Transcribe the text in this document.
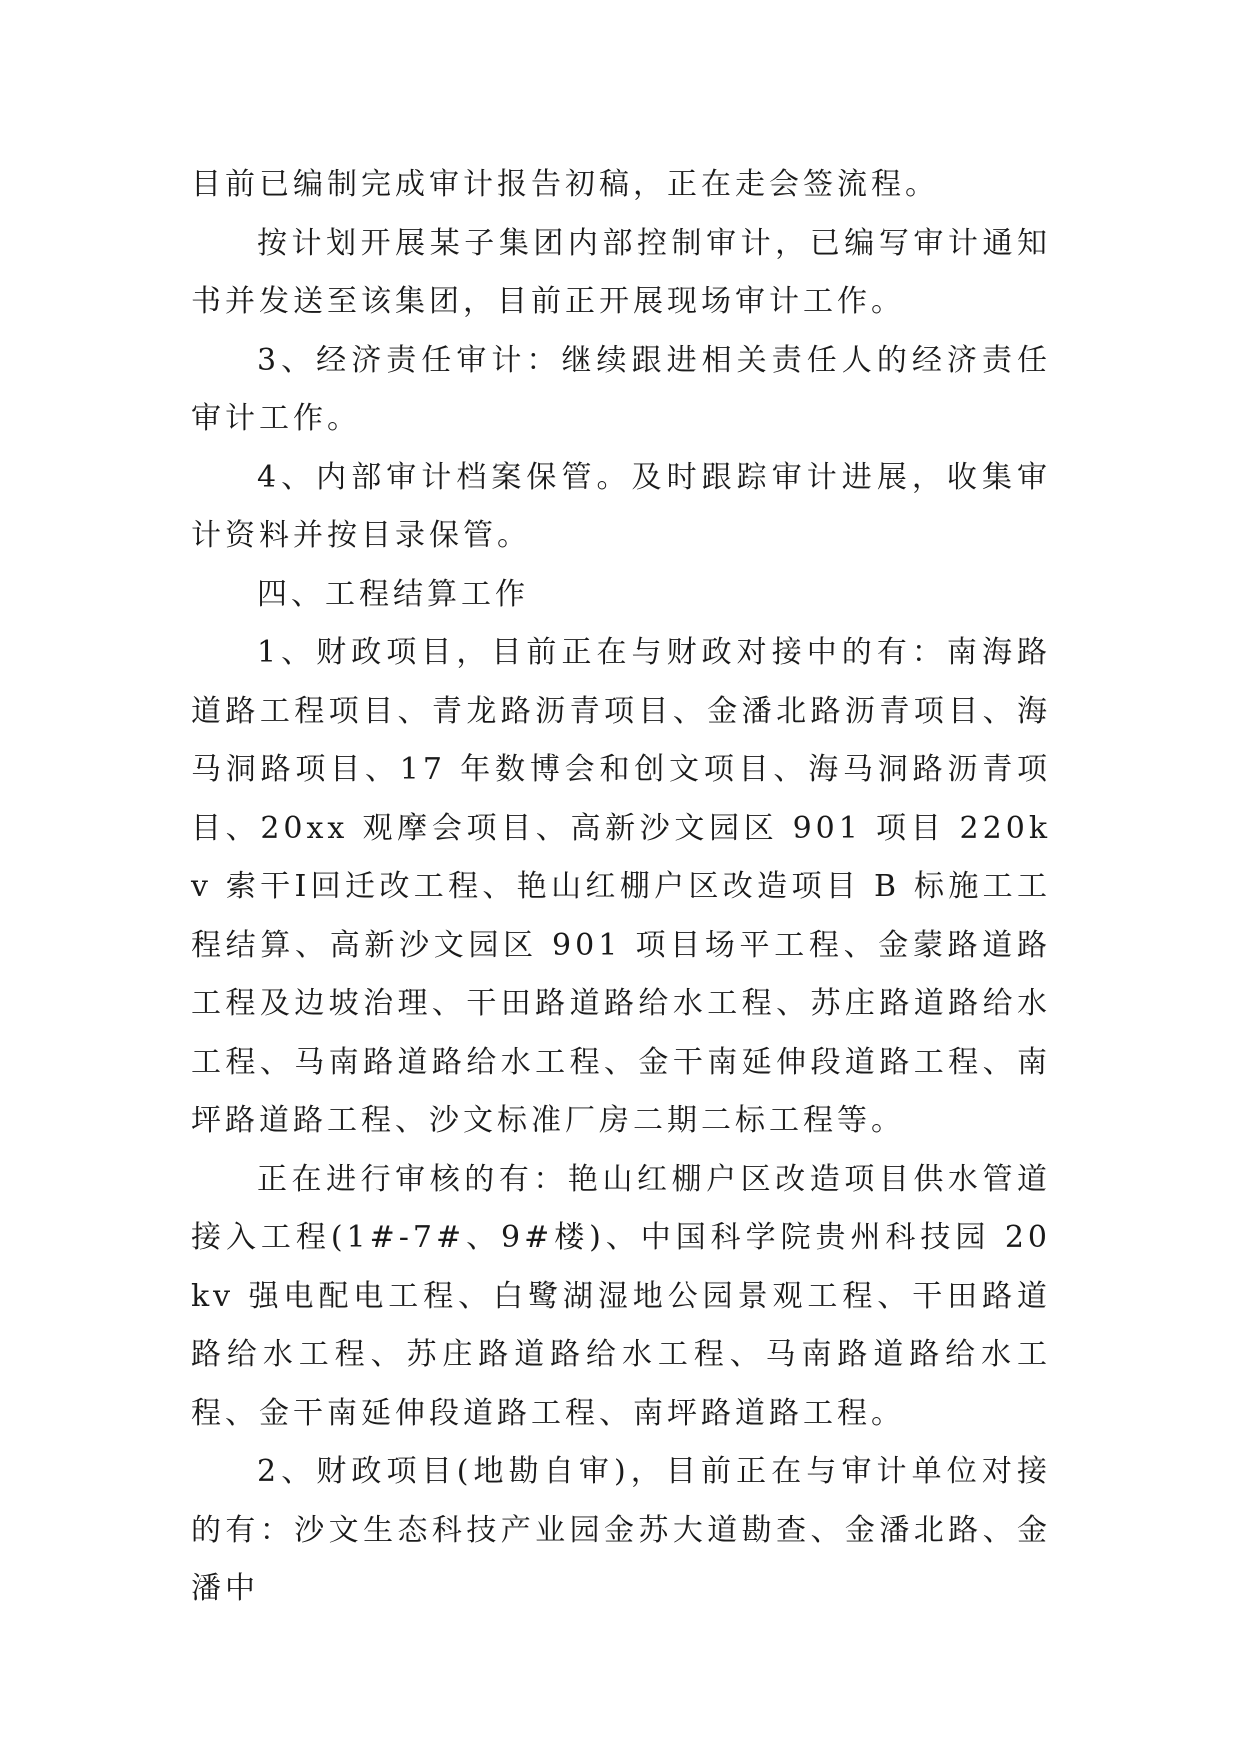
目前已编制完成审计报告初稿，正在走会签流程。

按计划开展某子集团内部控制审计，已编写审计通知书并发送至该集团，目前正开展现场审计工作。

3、经济责任审计：继续跟进相关责任人的经济责任审计工作。

4、内部审计档案保管。及时跟踪审计进展，收集审计资料并按目录保管。

四、工程结算工作

1、财政项目，目前正在与财政对接中的有：南海路道路工程项目、青龙路沥青项目、金潘北路沥青项目、海马洞路项目、17 年数博会和创文项目、海马洞路沥青项目、20xx 观摩会项目、高新沙文园区 901 项目 220kv 索干Ⅰ回迁改工程、艳山红棚户区改造项目 B 标施工工程结算、高新沙文园区 901 项目场平工程、金蒙路道路工程及边坡治理、干田路道路给水工程、苏庄路道路给水工程、马南路道路给水工程、金干南延伸段道路工程、南坪路道路工程、沙文标准厂房二期二标工程等。

正在进行审核的有：艳山红棚户区改造项目供水管道接入工程(1#-7#、9#楼)、中国科学院贵州科技园 20kv 强电配电工程、白鹭湖湿地公园景观工程、干田路道路给水工程、苏庄路道路给水工程、马南路道路给水工程、金干南延伸段道路工程、南坪路道路工程。

2、财政项目(地勘自审)，目前正在与审计单位对接的有：沙文生态科技产业园金苏大道勘查、金潘北路、金潘中
